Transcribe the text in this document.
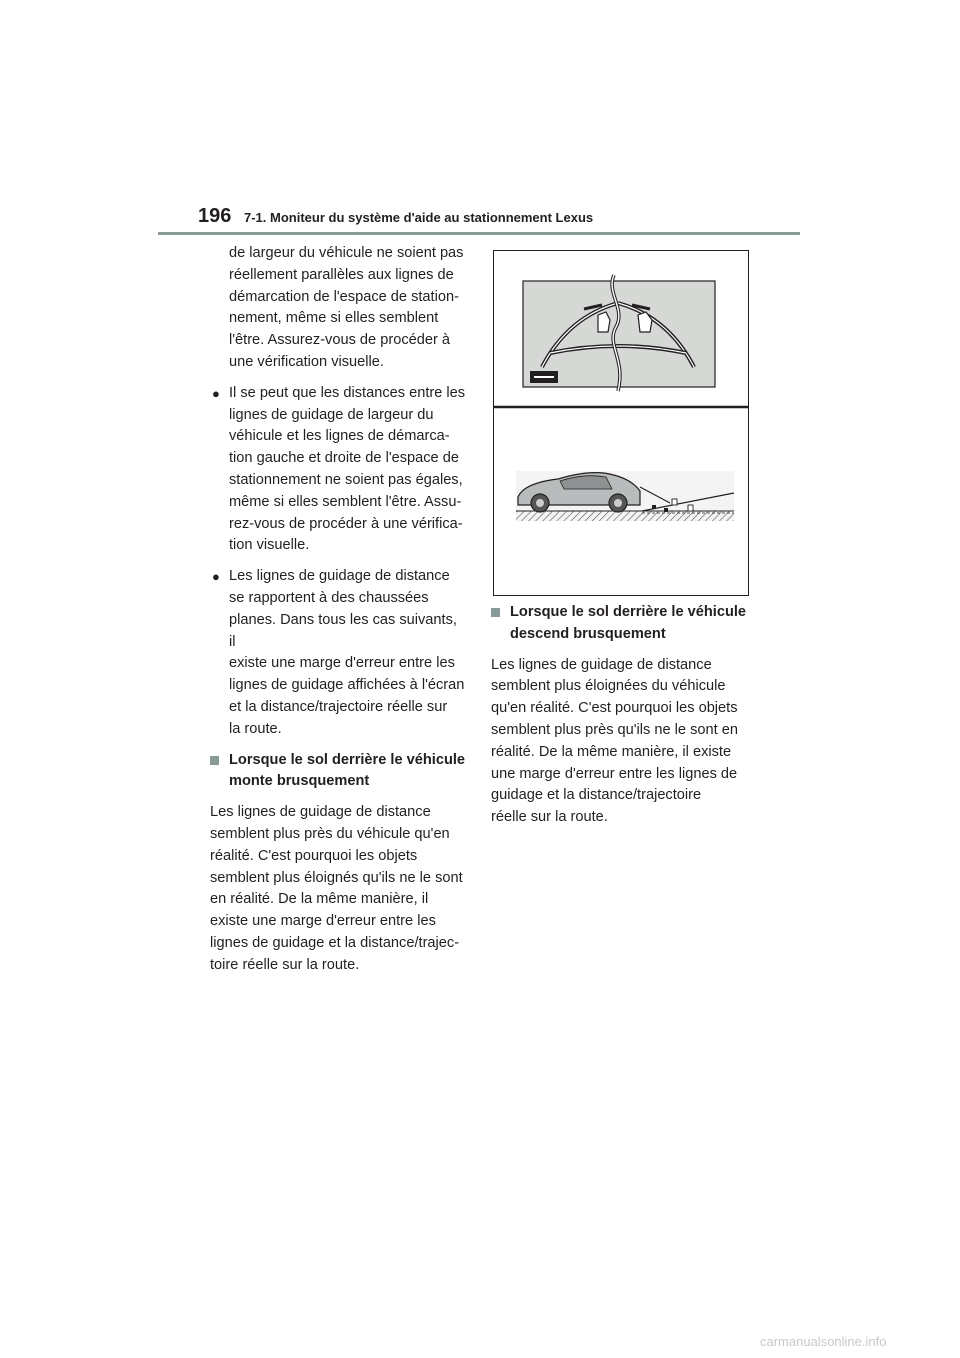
196 7-1. Moniteur du système d'aide au stationnement Lexus

de largeur du véhicule ne soient pas
réellement parallèles aux lignes de
démarcation de l'espace de station-
nement, même si elles semblent
l'être. Assurez-vous de procéder à
une vérification visuelle.

● Il se peut que les distances entre les
lignes de guidage de largeur du
véhicule et les lignes de démarca-
tion gauche et droite de l'espace de
stationnement ne soient pas égales,
même si elles semblent l'être. Assu-
rez-vous de procéder à une vérifica-
tion visuelle.

● Les lignes de guidage de distance
se rapportent à des chaussées
planes. Dans tous les cas suivants, il
existe une marge d'erreur entre les
lignes de guidage affichées à l'écran
et la distance/trajectoire réelle sur
la route.

Lorsque le sol derrière le véhicule
monte brusquement

Les lignes de guidage de distance
semblent plus près du véhicule qu'en
réalité. C'est pourquoi les objets
semblent plus éloignés qu'ils ne le sont
en réalité. De la même manière, il
existe une marge d'erreur entre les
lignes de guidage et la distance/trajec-
toire réelle sur la route.

Lorsque le sol derrière le véhicule
descend brusquement

Les lignes de guidage de distance
semblent plus éloignées du véhicule
qu'en réalité. C'est pourquoi les objets
semblent plus près qu'ils ne le sont en
réalité. De la même manière, il existe
une marge d'erreur entre les lignes de
guidage et la distance/trajectoire
réelle sur la route.

carmanualsonline.info
